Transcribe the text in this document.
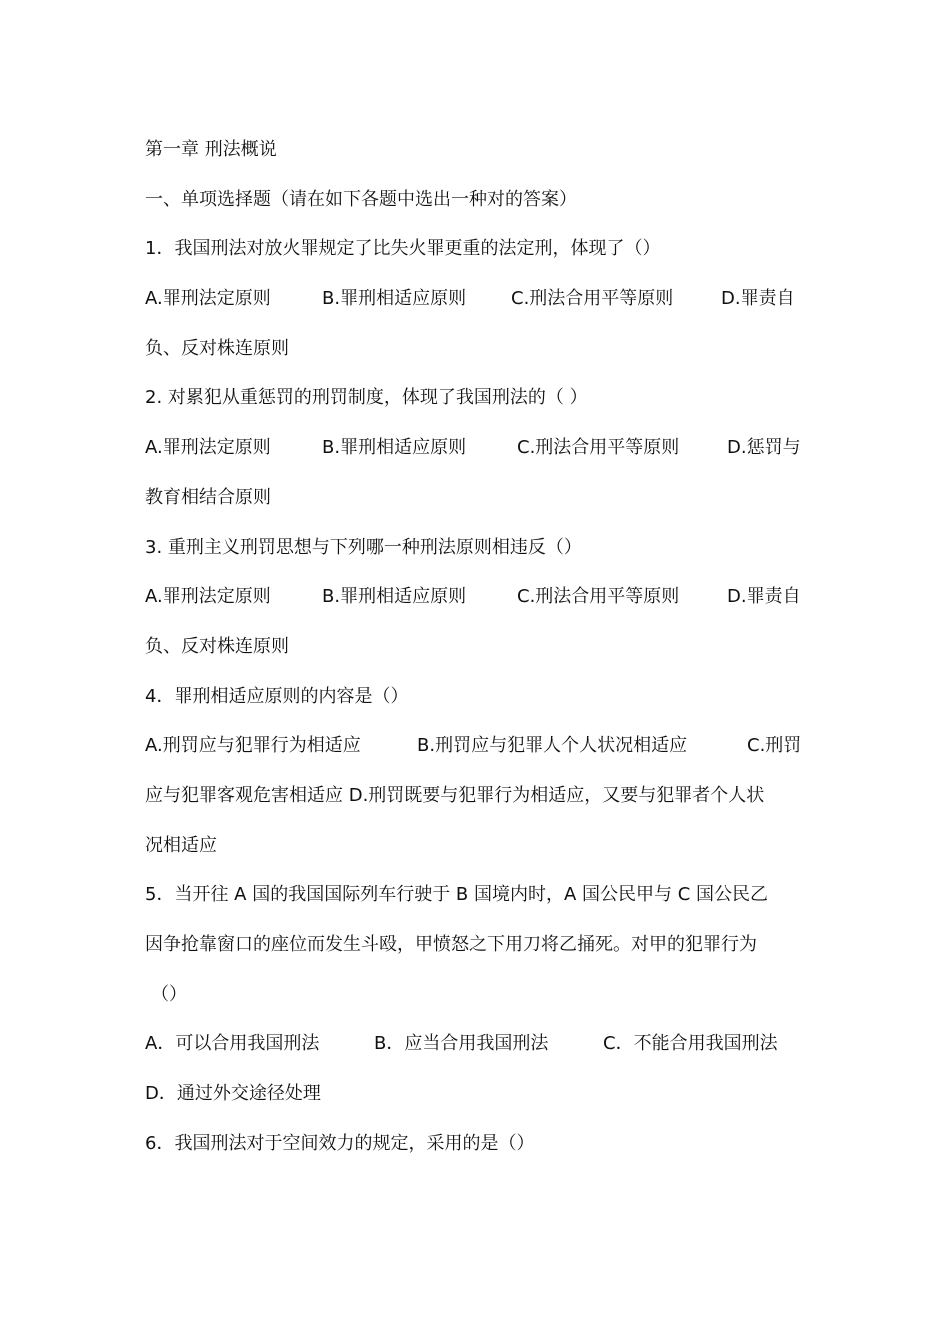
第一章 刑法概说
一、单项选择题（请在如下各题中选出一种对的答案）
1．我国刑法对放火罪规定了比失火罪更重的法定刑，体现了（）
A.罪刑法定原则	B.罪刑相适应原则 C.刑法合用平等原则	D.罪责自
负、反对株连原则
2. 对累犯从重惩罚的刑罚制度，体现了我国刑法的（ ）
A.罪刑法定原则	B.罪刑相适应原则	C.刑法合用平等原则	D.惩罚与
教育相结合原则
3. 重刑主义刑罚思想与下列哪一种刑法原则相违反（）
A.罪刑法定原则	B.罪刑相适应原则	C.刑法合用平等原则	D.罪责自
负、反对株连原则
4．罪刑相适应原则的内容是（）
A.刑罚应与犯罪行为相适应	B.刑罚应与犯罪人个人状况相适应	C.刑罚
应与犯罪客观危害相适应 D.刑罚既要与犯罪行为相适应，又要与犯罪者个人状
况相适应
5．当开往 A 国的我国国际列车行驶于 B 国境内时，A 国公民甲与 C 国公民乙
因争抢靠窗口的座位而发生斗殴，甲愤怒之下用刀将乙捅死。对甲的犯罪行为
（）
A．可以合用我国刑法	B．应当合用我国刑法	C．不能合用我国刑法
D．通过外交途径处理
6．我国刑法对于空间效力的规定，采用的是（）
